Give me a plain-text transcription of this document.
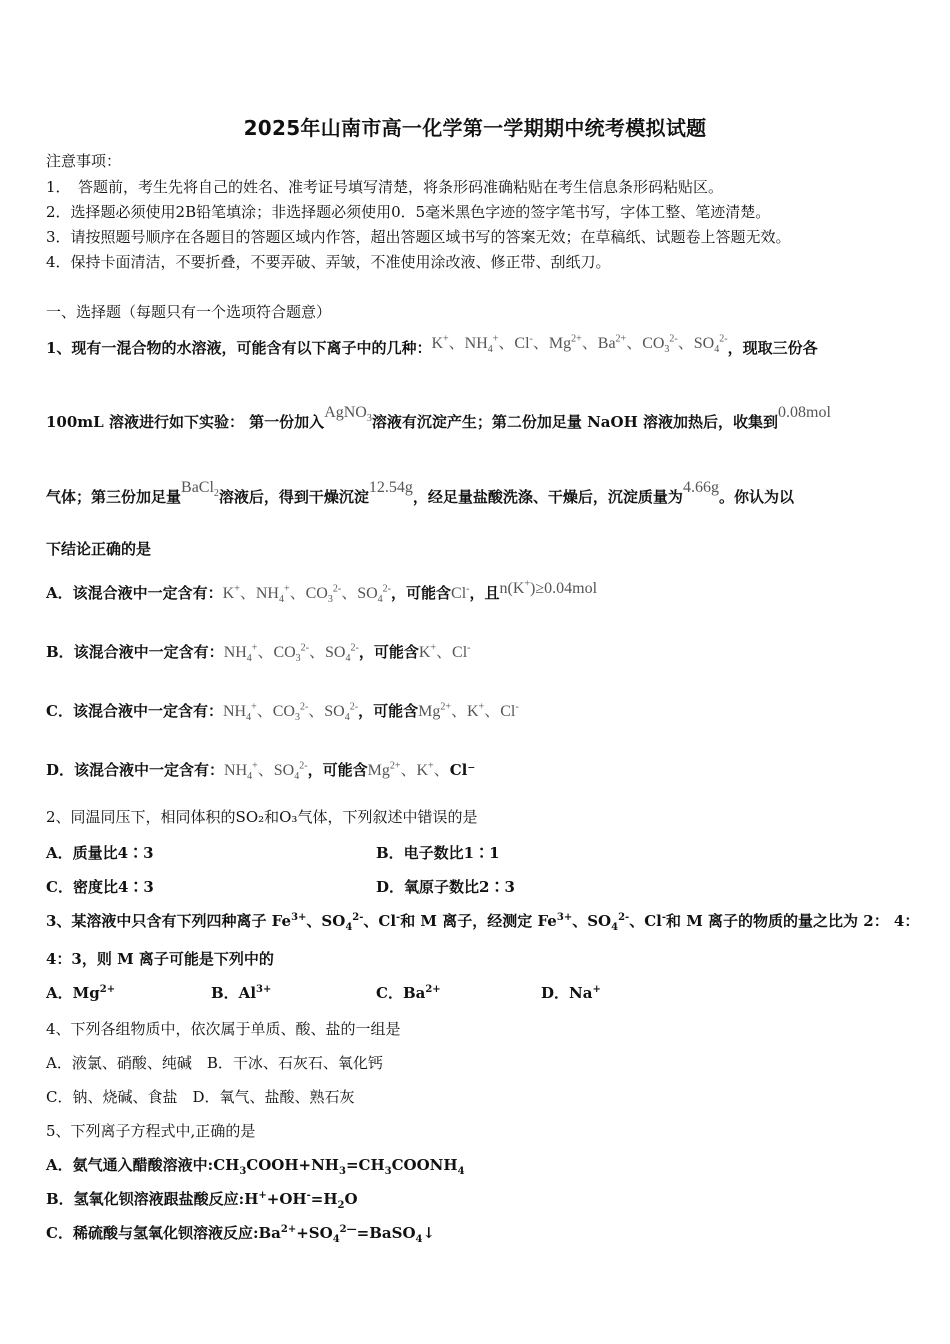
2025年山南市高一化学第一学期期中统考模拟试题
注意事项：
1．　答题前，考生先将自己的姓名、准考证号填写清楚，将条形码准确粘贴在考生信息条形码粘贴区。
2．选择题必须使用2B铅笔填涂；非选择题必须使用0．5毫米黑色字迹的签字笔书写，字体工整、笔迹清楚。
3．请按照题号顺序在各题目的答题区域内作答，超出答题区域书写的答案无效；在草稿纸、试题卷上答题无效。
4．保持卡面清洁，不要折叠，不要弄破、弄皱，不准使用涂改液、修正带、刮纸刀。
一、选择题（每题只有一个选项符合题意）
1、现有一混合物的水溶液，可能含有以下离子中的几种：K+、$NH_4^+$、Cl-、$Mg^{2+}$、$Ba^{2+}$、$CO_3^{2-}$、$SO_4^{2-}$，现取三份各
100mL 溶液进行如下实验： 第一份加入AgNO$_3$溶液有沉淀产生；第二份加足量 NaOH 溶液加热后，收集到0.08mol
气体；第三份加足量BaCl$_2$溶液后，得到干燥沉淀12.54g，经足量盐酸洗涤、干燥后，沉淀质量为4.66g。你认为以
下结论正确的是
A．该混合液中一定含有：K+、$NH_4^+$、$CO_3^{2-}$、$SO_4^{2-}$，可能含Cl-，且n(K+)≥0.04mol
B．该混合液中一定含有：$NH_4^+$、$CO_3^{2-}$、$SO_4^{2-}$，可能含K+、Cl-
C．该混合液中一定含有：$NH_4^+$、$CO_3^{2-}$、$SO_4^{2-}$，可能含$Mg^{2+}$、K+、Cl-
D．该混合液中一定含有：$NH_4^+$、$SO_4^{2-}$，可能含$Mg^{2+}$、K+、Cl⁻
2、同温同压下，相同体积的SO₂和O₃气体，下列叙述中错误的是
A．质量比4∶3	B．电子数比1∶1
C．密度比4∶3	D．氧原子数比2∶3
3、某溶液中只含有下列四种离子 $Fe^{3+}$、$SO_4^{2-}$、Cl-和 M 离子，经测定 $Fe^{3+}$、$SO_4^{2-}$、Cl-和 M 离子的物质的量之比为 2： 4：
4：3，则 M 离子可能是下列中的
A．$Mg^{2+}$	B．$Al^{3+}$	C．$Ba^{2+}$	D．Na+
4、下列各组物质中，依次属于单质、酸、盐的一组是
A．液氯、硝酸、纯碱　B．干冰、石灰石、氧化钙
C．钠、烧碱、食盐　D．氧气、盐酸、熟石灰
5、下列离子方程式中,正确的是
A．氨气通入醋酸溶液中$:CH_3COOH+NH_3=CH_3COONH_4$
B．氢氧化钡溶液跟盐酸反应$:H^++OH^-=H_2O$
C．稀硫酸与氢氧化钡溶液反应$:Ba^{2+}+SO_4^{2—}=BaSO_4↓$
